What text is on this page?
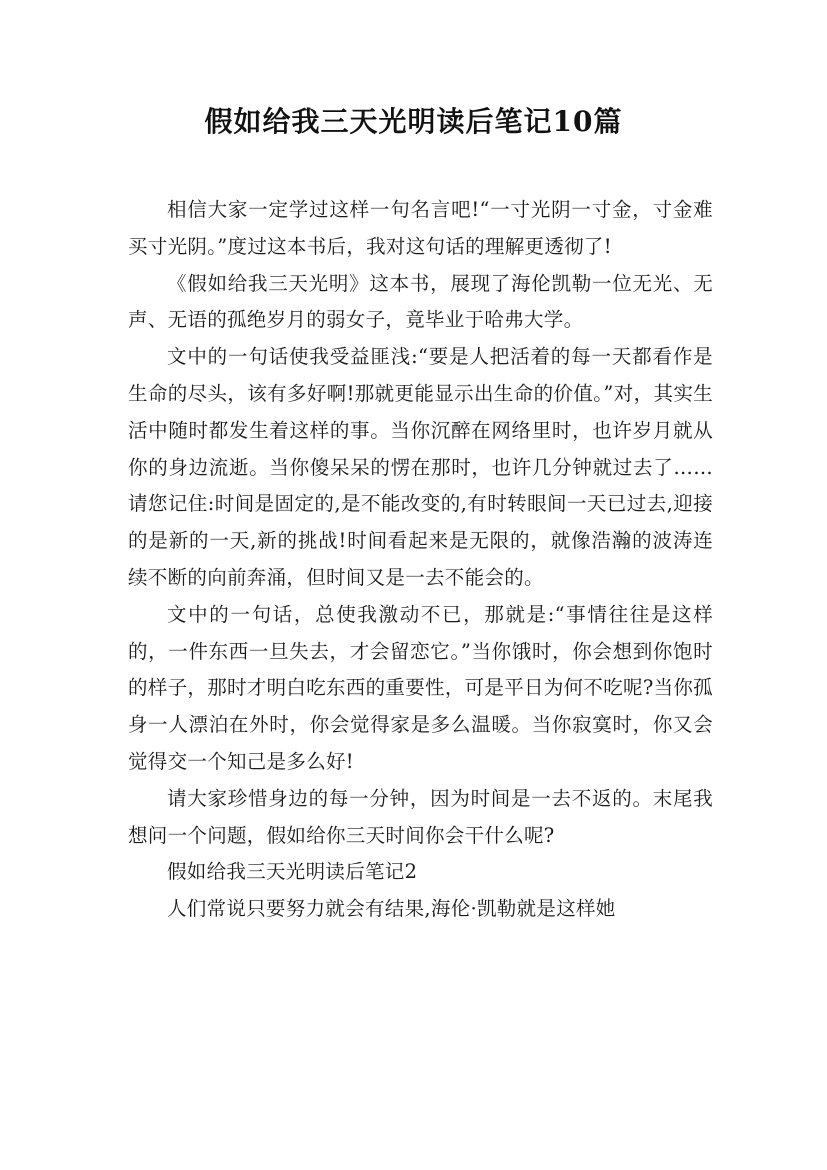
假如给我三天光明读后笔记10篇

相信大家一定学过这样一句名言吧!“一寸光阴一寸金，寸金难买寸光阴。”度过这本书后，我对这句话的理解更透彻了!

《假如给我三天光明》这本书，展现了海伦凯勒一位无光、无声、无语的孤绝岁月的弱女子，竟毕业于哈弗大学。

文中的一句话使我受益匪浅:“要是人把活着的每一天都看作是生命的尽头，该有多好啊!那就更能显示出生命的价值。”对，其实生活中随时都发生着这样的事。当你沉醉在网络里时，也许岁月就从你的身边流逝。当你傻呆呆的愣在那时，也许几分钟就过去了……请您记住:时间是固定的,是不能改变的,有时转眼间一天已过去,迎接的是新的一天,新的挑战!时间看起来是无限的，就像浩瀚的波涛连续不断的向前奔涌，但时间又是一去不能会的。

文中的一句话，总使我激动不已，那就是:“事情往往是这样的，一件东西一旦失去，才会留恋它。”当你饿时，你会想到你饱时的样子，那时才明白吃东西的重要性，可是平日为何不吃呢?当你孤身一人漂泊在外时，你会觉得家是多么温暖。当你寂寞时，你又会觉得交一个知己是多么好!

请大家珍惜身边的每一分钟，因为时间是一去不返的。末尾我想问一个问题，假如给你三天时间你会干什么呢?

假如给我三天光明读后笔记2

人们常说只要努力就会有结果,海伦·凯勒就是这样她
